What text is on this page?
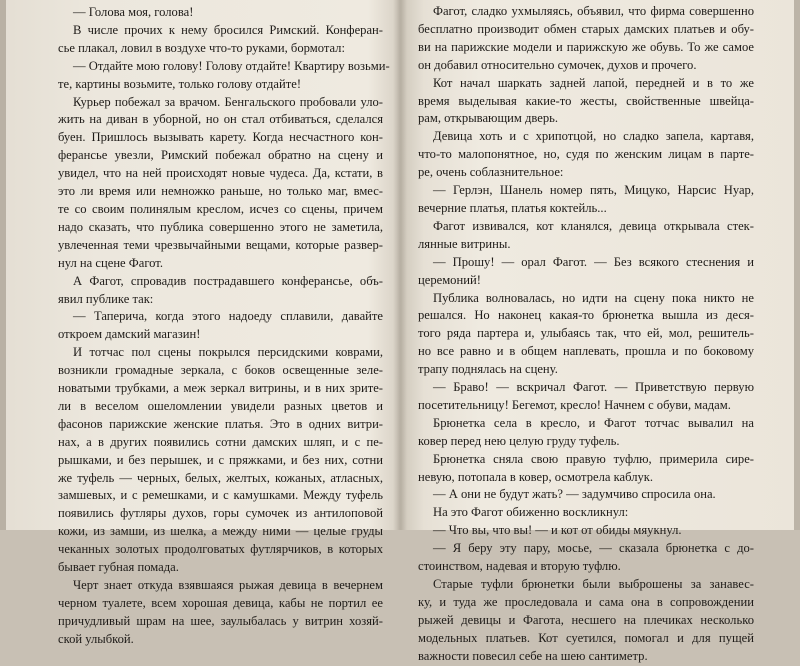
— Голова моя, голова!
В числе прочих к нему бросился Римский. Конферан-
сье плакал, ловил в воздухе что-то руками, бормотал:
— Отдайте мою голову! Голову отдайте! Квартиру возьми-
те, картины возьмите, только голову отдайте!
Курьер побежал за врачом. Бенгальского пробовали уло-
жить на диван в уборной, но он стал отбиваться, сделался
буен. Пришлось вызывать карету. Когда несчастного кон-
ферансье увезли, Римский побежал обратно на сцену и
увидел, что на ней происходят новые чудеса. Да, кстати, в
это ли время или немножко раньше, но только маг, вмес-
те со своим полинялым креслом, исчез со сцены, причем
надо сказать, что публика совершенно этого не заметила,
увлеченная теми чрезвычайными вещами, которые развер-
нул на сцене Фагот.
А Фагот, спровадив пострадавшего конферансье, объ-
явил публике так:
— Таперича, когда этого надоеду сплавили, давайте
откроем дамский магазин!
И тотчас пол сцены покрылся персидскими коврами,
возникли громадные зеркала, с боков освещенные зеле-
новатыми трубками, а меж зеркал витрины, и в них зрите-
ли в веселом ошеломлении увидели разных цветов и
фасонов парижские женские платья. Это в одних витри-
нах, а в других появились сотни дамских шляп, и с пе-
рышками, и без перышек, и с пряжками, и без них, сотни
же туфель — черных, белых, желтых, кожаных, атласных,
замшевых, и с ремешками, и с камушками. Между туфель
появились футляры духов, горы сумочек из антилоповой
кожи, из замши, из шелка, а между ними — целые груды
чеканных золотых продолговатых футлярчиков, в которых
бывает губная помада.
Черт знает откуда взявшаяся рыжая девица в вечернем
черном туалете, всем хорошая девица, кабы не портил ее
причудливый шрам на шее, заулыбалась у витрин хозяй-
ской улыбкой.
Фагот, сладко ухмыляясь, объявил, что фирма совершенно
бесплатно производит обмен старых дамских платьев и обу-
ви на парижские модели и парижскую же обувь. То же самое
он добавил относительно сумочек, духов и прочего.
Кот начал шаркать задней лапой, передней и в то же
время выделывая какие-то жесты, свойственные швейца-
рам, открывающим дверь.
Девица хоть и с хрипотцой, но сладко запела, картавя,
что-то малопонятное, но, судя по женским лицам в парте-
ре, очень соблазнительное:
— Герлэн, Шанель номер пять, Мицуко, Нарсис Нуар,
вечерние платья, платья коктейль...
Фагот извивался, кот кланялся, девица открывала стек-
лянные витрины.
— Прошу! — орал Фагот. — Без всякого стеснения и
церемоний!
Публика волновалась, но идти на сцену пока никто не
решался. Но наконец какая-то брюнетка вышла из деся-
того ряда партера и, улыбаясь так, что ей, мол, решитель-
но все равно и в общем наплевать, прошла и по боковому
трапу поднялась на сцену.
— Браво! — вскричал Фагот. — Приветствую первую
посетительницу! Бегемот, кресло! Начнем с обуви, мадам.
Брюнетка села в кресло, и Фагот тотчас вывалил на
ковер перед нею целую груду туфель.
Брюнетка сняла свою правую туфлю, примерила сире-
невую, потопала в ковер, осмотрела каблук.
— А они не будут жать? — задумчиво спросила она.
На это Фагот обиженно воскликнул:
— Что вы, что вы! — и кот от обиды мяукнул.
— Я беру эту пару, мосье, — сказала брюнетка с до-
стоинством, надевая и вторую туфлю.
Старые туфли брюнетки были выброшены за занавес-
ку, и туда же проследовала и сама она в сопровождении
рыжей девицы и Фагота, несшего на плечиках несколько
модельных платьев. Кот суетился, помогал и для пущей
важности повесил себе на шею сантиметр.
